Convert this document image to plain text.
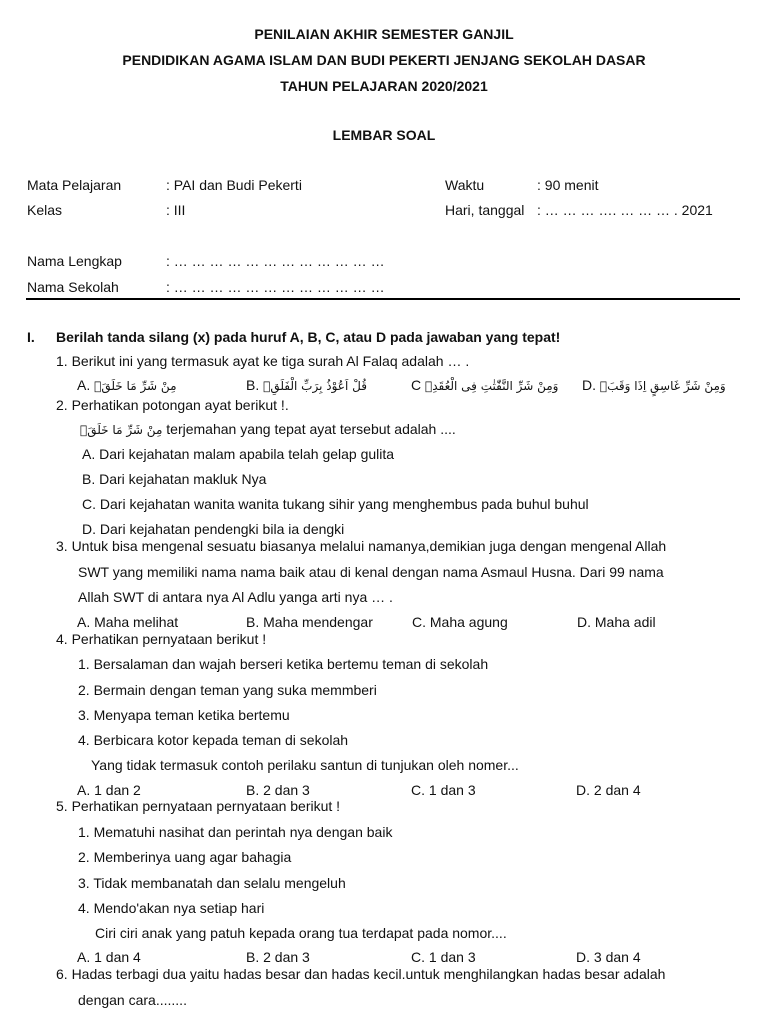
PENILAIAN AKHIR SEMESTER GANJIL
PENDIDIKAN AGAMA ISLAM DAN BUDI PEKERTI JENJANG SEKOLAH DASAR
TAHUN PELAJARAN 2020/2021
LEMBAR SOAL
Mata Pelajaran	: PAI dan Budi Pekerti	Waktu	: 90 menit
Kelas	: III	Hari, tanggal : … … … …. … … … . 2021
Nama Lengkap	: … … … … … … … … … … … …
Nama Sekolah	: … … … … … … … … … … … …
I. Berilah tanda silang (x) pada huruf A, B, C, atau D pada jawaban yang tepat!
1. Berikut ini yang termasuk ayat ke tiga surah Al Falaq adalah … .
A. مِنْ شَرِّ مَا خَلَقَۙ	B. قُلْ اَعُوْذُ بِرَبِّ الْفَلَقِۙ	C وَمِنْ شَرِّ النَّفّٰثٰتِ فِى الْعُقَدِۙ D. وَمِنْ شَرِّ غَاسِقٍ اِذَا وَقَبَۙ
2. Perhatikan potongan ayat berikut !.
مِنْ شَرِّ مَا خَلَقَۙ terjemahan yang tepat ayat tersebut adalah ....
A. Dari kejahatan malam apabila telah gelap gulita
B. Dari kejahatan makluk Nya
C. Dari kejahatan wanita wanita tukang sihir yang menghembus pada buhul buhul
D. Dari kejahatan pendengki bila ia dengki
3. Untuk bisa mengenal sesuatu biasanya melalui namanya,demikian juga dengan mengenal Allah
SWT yang memiliki nama nama baik atau di kenal dengan nama Asmaul Husna. Dari 99 nama
Allah SWT di antara nya Al Adlu yanga arti nya … .
A. Maha melihat	B. Maha mendengar	C. Maha agung	D. Maha adil
4. Perhatikan pernyataan berikut !
1. Bersalaman dan wajah berseri ketika bertemu teman di sekolah
2. Bermain dengan teman yang suka memmberi
3. Menyapa teman ketika bertemu
4. Berbicara kotor kepada teman di sekolah
Yang tidak termasuk contoh perilaku santun di tunjukan oleh nomer...
A. 1 dan 2	B. 2 dan 3	C. 1 dan 3	D. 2 dan 4
5. Perhatikan pernyataan pernyataan berikut !
1. Mematuhi nasihat dan perintah nya dengan baik
2. Memberinya uang agar bahagia
3. Tidak membanatah dan selalu mengeluh
4. Mendo'akan nya setiap hari
Ciri ciri anak yang patuh kepada orang tua terdapat pada nomor....
A. 1 dan 4	B. 2 dan 3	C. 1 dan 3	D. 3 dan 4
6. Hadas terbagi dua yaitu hadas besar dan hadas kecil.untuk menghilangkan hadas besar adalah
dengan cara........
